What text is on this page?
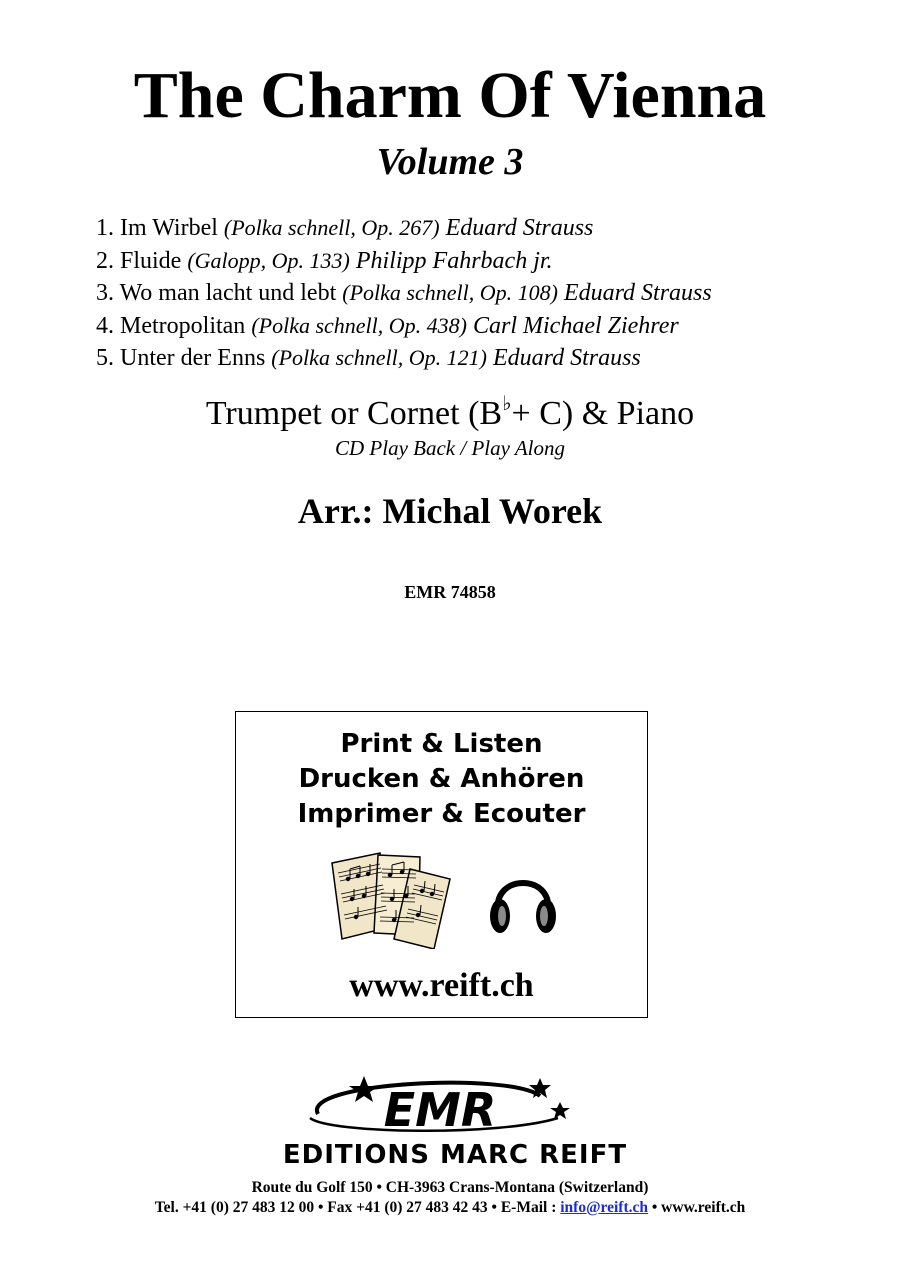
The Charm Of Vienna
Volume 3
1. Im Wirbel (Polka schnell, Op. 267) Eduard Strauss
2. Fluide (Galopp, Op. 133) Philipp Fahrbach jr.
3. Wo man lacht und lebt (Polka schnell, Op. 108) Eduard Strauss
4. Metropolitan (Polka schnell, Op. 438) Carl Michael Ziehrer
5. Unter der Enns (Polka schnell, Op. 121) Eduard Strauss
Trumpet or Cornet (B♭+ C) & Piano
CD Play Back / Play Along
Arr.: Michal Worek
EMR 74858
Print & Listen
Drucken & Anhören
Imprimer & Ecouter
www.reift.ch
EMR
EDITIONS MARC REIFT
Route du Golf 150 • CH-3963 Crans-Montana (Switzerland)
Tel. +41 (0) 27 483 12 00 • Fax +41 (0) 27 483 42 43 • E-Mail : info@reift.ch • www.reift.ch
